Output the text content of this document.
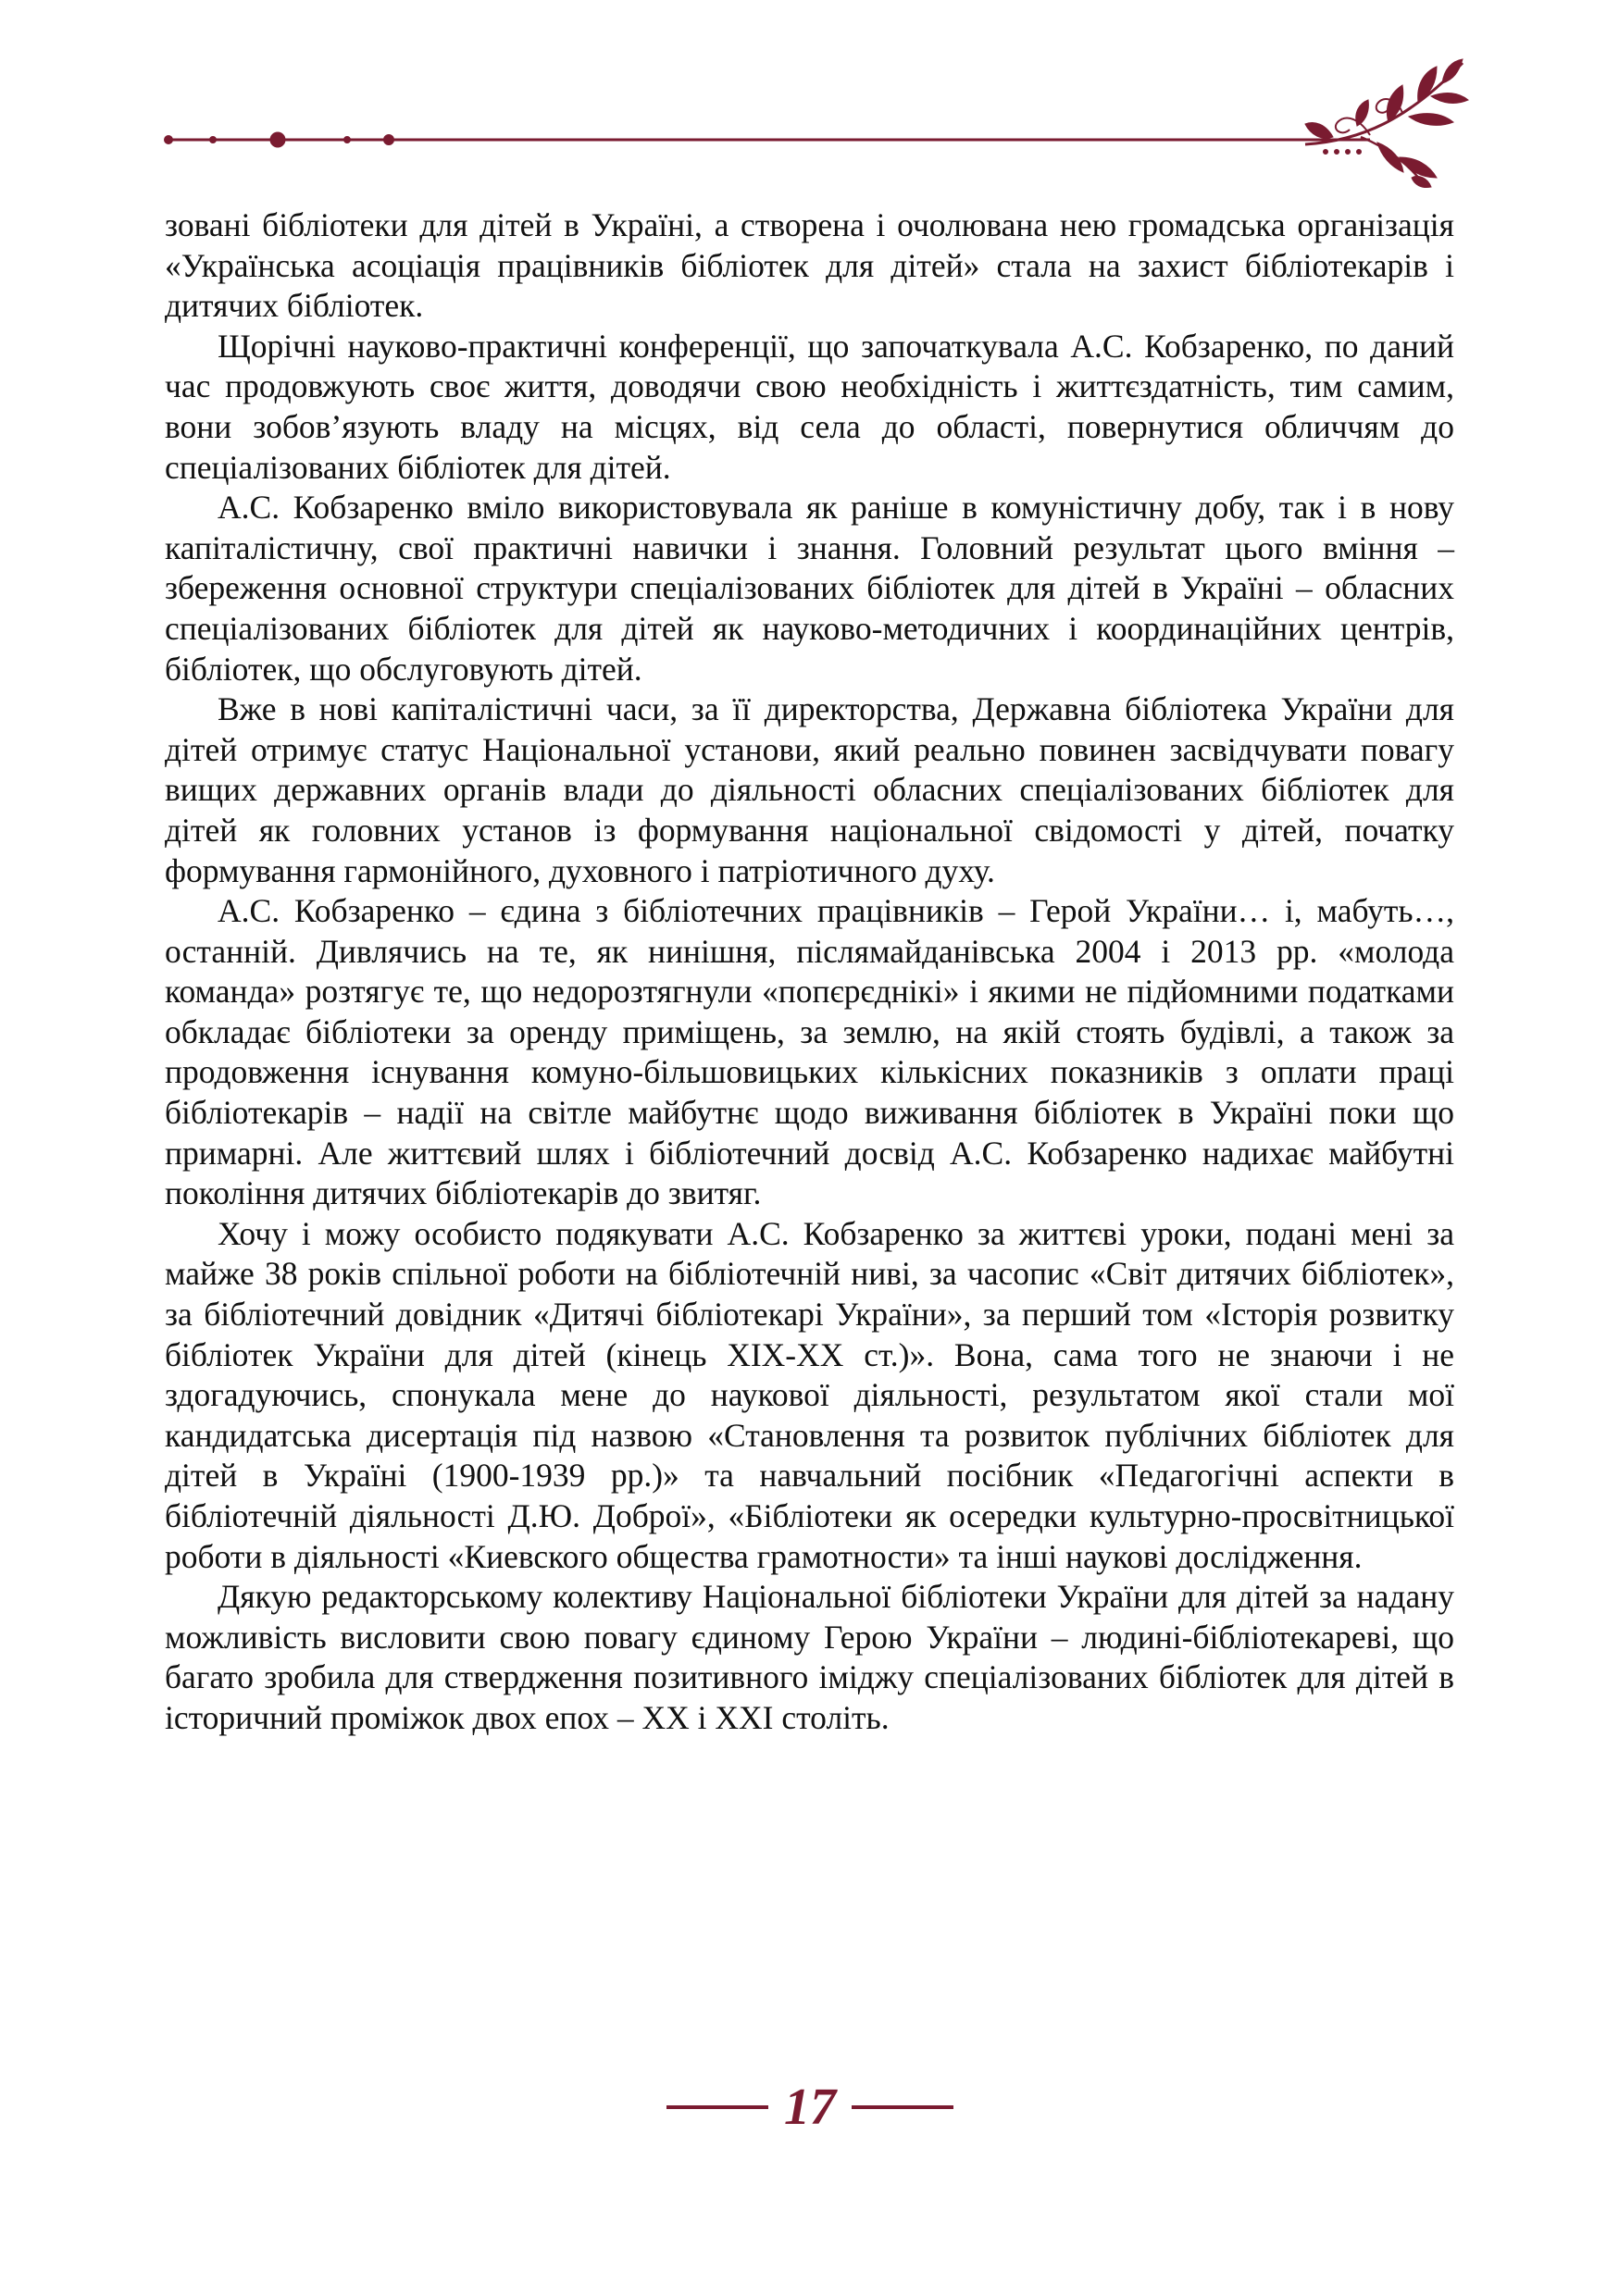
зовані бібліотеки для дітей в Україні, а створена і очолювана нею громадська організація «Українська асоціація працівників бібліотек для дітей» стала на захист бібліотекарів і дитячих бібліотек.

Щорічні науково-практичні конференції, що започаткувала А.С. Кобзаренко, по даний час продовжують своє життя, доводячи свою необхідність і життєздатність, тим самим, вони зобов’язують владу на місцях, від села до області, повернутися обличчям до спеціалізованих бібліотек для дітей.

А.С. Кобзаренко вміло використовувала як раніше в комуністичну добу, так і в нову капіталістичну, свої практичні навички і знання. Головний результат цього вміння – збереження основної структури спеціалізованих бібліотек для дітей в Україні – обласних спеціалізованих бібліотек для дітей як науково-методичних і координаційних центрів, бібліотек, що обслуговують дітей.

Вже в нові капіталістичні часи, за її директорства, Державна бібліотека України для дітей отримує статус Національної установи, який реально повинен засвідчувати повагу вищих державних органів влади до діяльності обласних спеціалізованих бібліотек для дітей як головних установ із формування національної свідомості у дітей, початку формування гармонійного, духовного і патріотичного духу.

А.С. Кобзаренко – єдина з бібліотечних працівників – Герой України… і, мабуть…, останній. Дивлячись на те, як нинішня, післямайданівська 2004 і 2013 рр. «молода команда» розтягує те, що недорозтягнули «попєрєднікі» і якими не підйомними податками обкладає бібліотеки за оренду приміщень, за землю, на якій стоять будівлі, а також за продовження існування комуно-більшовицьких кількісних показників з оплати праці бібліотекарів – надії на світле майбутнє щодо виживання бібліотек в Україні поки що примарні. Але життєвий шлях і бібліотечний досвід А.С. Кобзаренко надихає майбутні покоління дитячих бібліотекарів до звитяг.

Хочу і можу особисто подякувати А.С. Кобзаренко за життєві уроки, подані мені за майже 38 років спільної роботи на бібліотечній ниві, за часопис «Світ дитячих бібліотек», за бібліотечний довідник «Дитячі бібліотекарі України», за перший том «Історія розвитку бібліотек України для дітей (кінець ХІХ-ХХ ст.)». Вона, сама того не знаючи і не здогадуючись, спонукала мене до наукової діяльності, результатом якої стали мої кандидатська дисертація під назвою «Становлення та розвиток публічних бібліотек для дітей в Україні (1900-1939 рр.)» та навчальний посібник «Педагогічні аспекти в бібліотечній діяльності Д.Ю. Доброї», «Бібліотеки як осередки культурно-просвітницької роботи в діяльності «Киевского общества грамотности» та інші наукові дослідження.

Дякую редакторському колективу Національної бібліотеки України для дітей за надану можливість висловити свою повагу єдиному Герою України – людині-бібліотекареві, що багато зробила для ствердження позитивного іміджу спеціалізованих бібліотек для дітей в історичний проміжок двох епох – ХХ і ХХІ століть.

17
